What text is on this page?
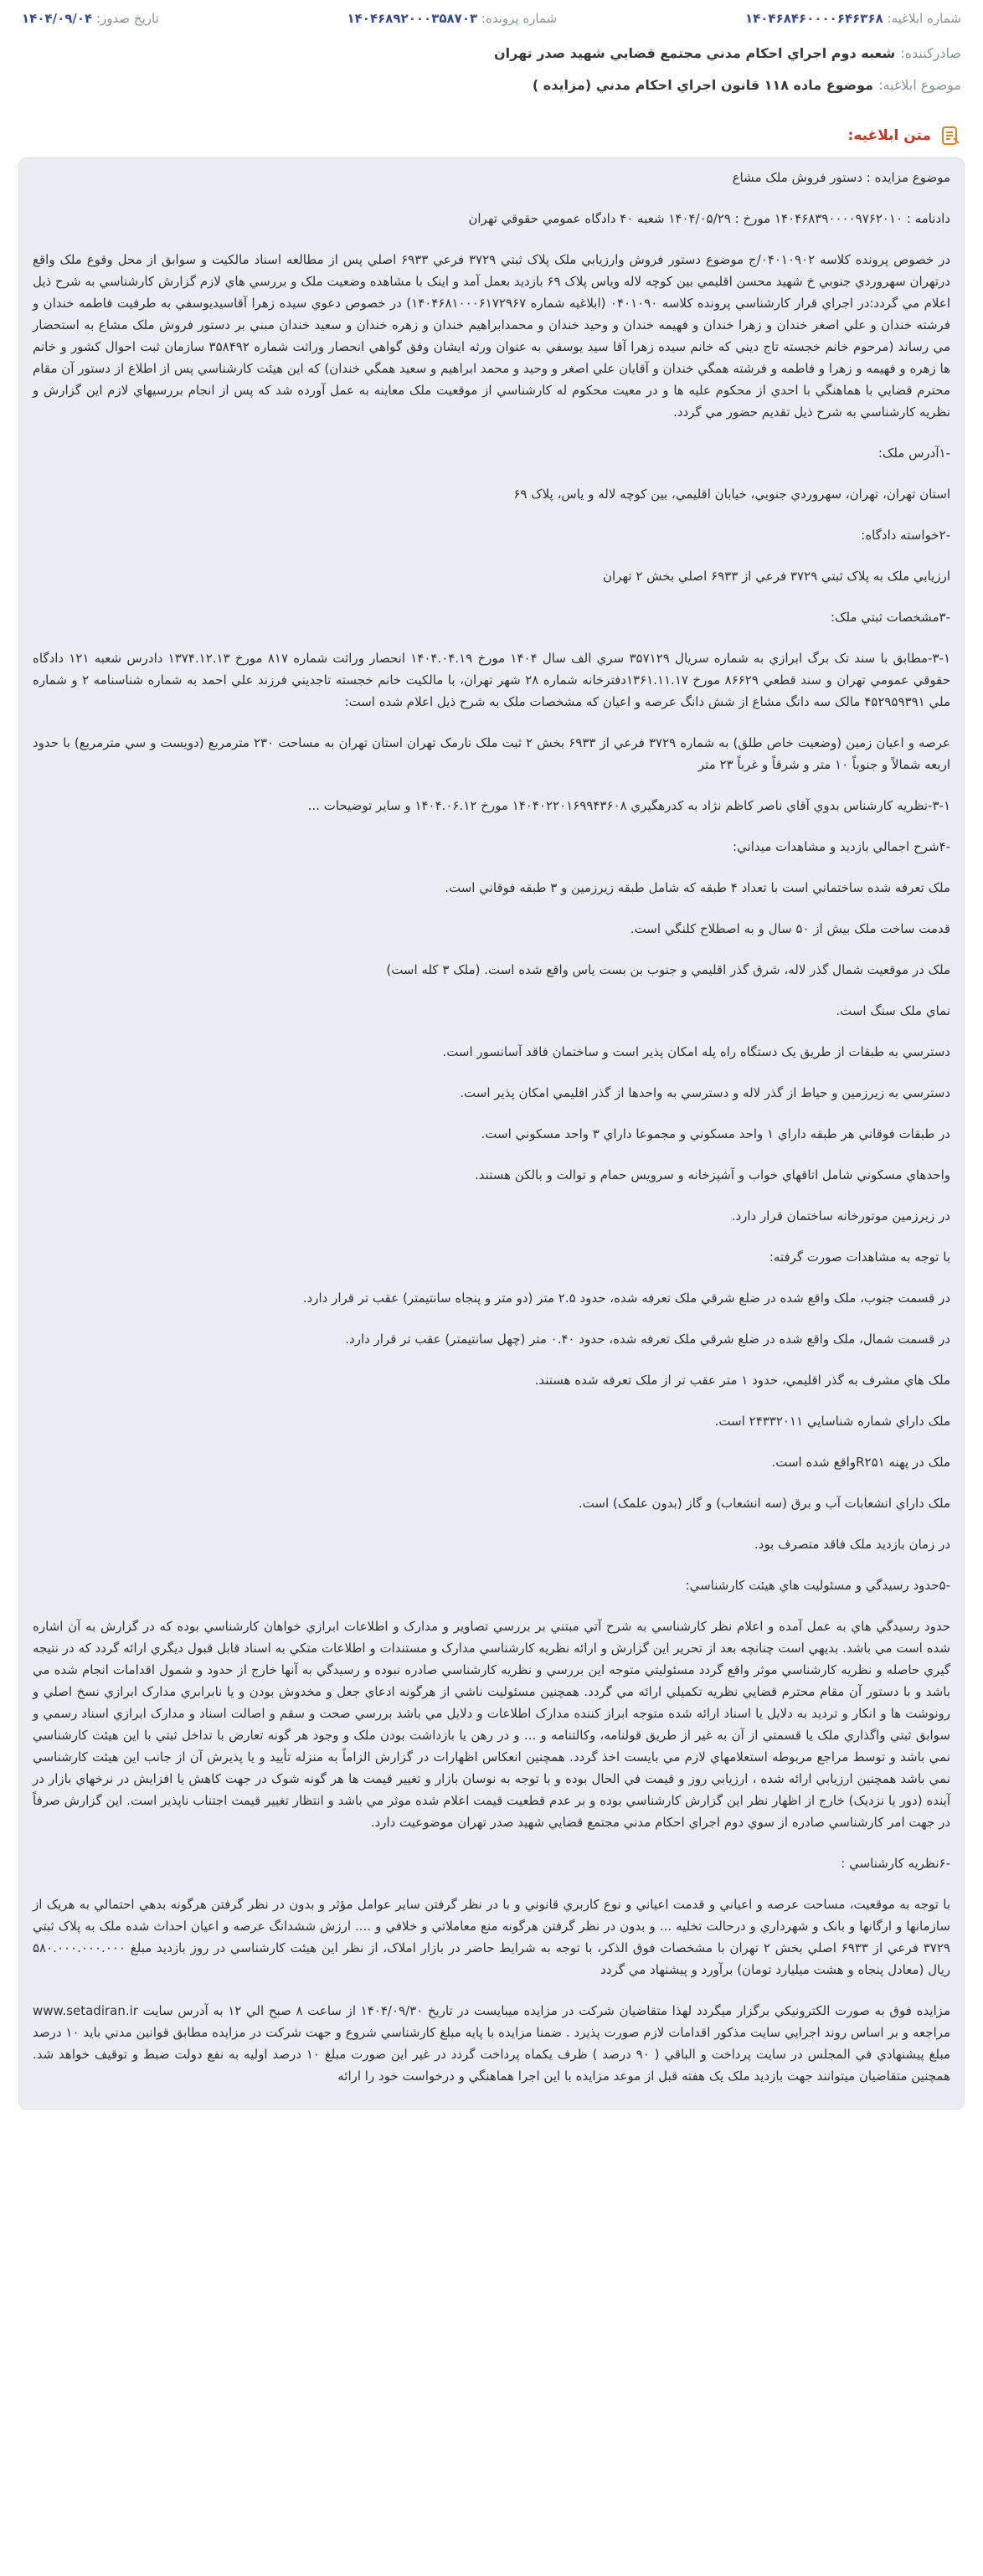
شماره ابلاغیه: ۱۴۰۴۶۸۴۶۰۰۰۰۶۴۶۳۶۸
شماره پرونده: ۱۴۰۴۶۸۹۲۰۰۰۳۵۸۷۰۳
تاریخ صدور: ۱۴۰۴/۰۹/۰۴
صادرکننده:
شعبه دوم اجراي احکام مدني مجتمع قضايي شهيد صدر تهران
موضوع ابلاغیه:
موضوع ماده ۱۱۸ قانون اجراي احکام مدني (مزايده )
متن ابلاغیه:

موضوع مزايده : دستور فروش ملک مشاع

دادنامه : ۱۴۰۴۶۸۳۹۰۰۰۰۹۷۶۲۰۱۰ مورخ : ۱۴۰۴/۰۵/۲۹ شعبه ۴۰ دادگاه عمومي حقوقي تهران

در خصوص پرونده کلاسه ۰۴۰۱۰۹۰۲/ج موضوع دستور فروش وارزيابي ملک پلاک ثبتي ۳۷۲۹ فرعي ۶۹۳۳ اصلي پس از مطالعه اسناد مالکيت و سوابق از محل وقوع ملک واقع درتهران سهروردي جنوبي خ شهيد محسن اقليمي بين کوچه لاله وياس پلاک ۶۹ بازديد بعمل آمد و اينک با مشاهده وضعيت ملک و بررسي هاي لازم گزارش کارشناسي به شرح ذيل اعلام مي گردد:در اجراي قرار کارشناسي پرونده کلاسه ۰۴۰۱۰۹۰ (ابلاغيه شماره ۱۴۰۴۶۸۱۰۰۰۶۱۷۲۹۶۷) در خصوص دعوي سيده زهرا آقاسيديوسفي به طرفيت فاطمه خندان و فرشته خندان و علي اصغر خندان و زهرا خندان و فهيمه خندان و وحيد خندان و محمدابراهيم خندان و زهره خندان و سعيد خندان مبني بر دستور فروش ملک مشاع به استحضار مي رساند (مرحوم خانم خجسته تاج ديني که خانم سيده زهرا آقا سيد يوسفي به عنوان ورثه ايشان وفق گواهي انحصار وراثت شماره ۳۵۸۴۹۲ سازمان ثبت احوال کشور و خانم ها زهره و فهيمه و زهرا و فاطمه و فرشته همگي خندان و آقايان علي اصغر و وحيد و محمد ابراهيم و سعيد همگي خندان) که اين هيئت کارشناسي پس از اطلاع از دستور آن مقام محترم قضايي با هماهنگي با احدي از محکوم عليه ها و در معيت محکوم له کارشناسي از موقعيت ملک معاينه به عمل آورده شد که پس از انجام بررسيهاي لازم اين گزارش و نظريه کارشناسي به شرح ذيل تقديم حضور مي گردد.

-۱آدرس ملک:

استان تهران، تهران، سهروردي جنوبي، خيابان اقليمي، بين کوچه لاله و ياس، پلاک ۶۹

-۲خواسته دادگاه:

ارزيابي ملک به پلاک ثبتي ۳۷۲۹ فرعي از ۶۹۳۳ اصلي بخش ۲ تهران

-۳مشخصات ثبتي ملک:

۳-۱-مطابق با سند تک برگ ابرازي به شماره سريال ۳۵۷۱۲۹ سري الف سال ۱۴۰۴ مورخ ۱۴۰۴.۰۴.۱۹ انحصار وراثت شماره ۸۱۷ مورخ ۱۳۷۴.۱۲.۱۳ دادرس شعبه ۱۲۱ دادگاه حقوقي عمومي تهران و سند قطعي ۸۶۶۲۹ مورخ ۱۳۶۱.۱۱.۱۷دفترخانه شماره ۲۸ شهر تهران، با مالکيت خانم خجسته تاجديني فرزند علي احمد به شماره شناسنامه ۲ و شماره ملي ۴۵۲۹۵۹۳۹۱ مالک سه دانگ مشاع از شش دانگ عرصه و اعيان که مشخصات ملک به شرح ذيل اعلام شده است:

عرصه و اعيان زمين (وضعيت خاص طلق) به شماره ۳۷۲۹ فرعي از ۶۹۳۳ بخش ۲ ثبت ملک نارمک تهران استان تهران به مساحت ۲۳۰ مترمربع (دويست و سي مترمربع) با حدود اربعه شمالاً و جنوباً ۱۰ متر و شرقاً و غرباً ۲۳ متر

۳-۱-نظريه کارشناس بدوي آقاي ناصر کاظم نژاد به کدرهگيري ۱۴۰۴۰۲۲۰۱۶۹۹۴۳۶۰۸ مورخ ۱۴۰۴.۰۶.۱۲ و ساير توضيحات ...

-۴شرح اجمالي بازديد و مشاهدات ميداني:

ملک تعرفه شده ساختماني است با تعداد ۴ طبقه که شامل طبقه زيرزمين و ۳ طبقه فوقاني است.

قدمت ساخت ملک بيش از ۵۰ سال و به اصطلاح کلنگي است.

ملک در موقعيت شمال گذر لاله، شرق گذر اقليمي و جنوب بن بست ياس واقع شده است. (ملک ۳ کله است)

نماي ملک سنگ است.

دسترسي به طبقات از طريق يک دستگاه راه پله امکان پذير است و ساختمان فاقد آسانسور است.

دسترسي به زيرزمين و حياط از گذر لاله و دسترسي به واحدها از گذر اقليمي امکان پذير است.

در طبقات فوقاني هر طبقه داراي ۱ واحد مسکوني و مجموعا داراي ۳ واحد مسکوني است.

واحدهاي مسکوني شامل اتاقهاي خواب و آشپزخانه و سرويس حمام و توالت و بالکن هستند.

در زيرزمين موتورخانه ساختمان قرار دارد.

با توجه به مشاهدات صورت گرفته:

در قسمت جنوب، ملک واقع شده در ضلع شرقي ملک تعرفه شده، حدود ۲.۵ متر (دو متر و پنجاه سانتيمتر) عقب تر قرار دارد.

در قسمت شمال، ملک واقع شده در ضلع شرقي ملک تعرفه شده، حدود ۰.۴۰ متر (چهل سانتيمتر) عقب تر قرار دارد.

ملک هاي مشرف به گذر اقليمي، حدود ۱ متر عقب تر از ملک تعرفه شده هستند.

ملک داراي شماره شناسايي ۲۴۳۳۲۰۱۱ است.

ملک در پهنه R۲۵۱واقع شده است.

ملک داراي انشعابات آب و برق (سه انشعاب) و گاز (بدون علمک) است.

در زمان بازديد ملک فاقد متصرف بود.

-۵حدود رسيدگي و مسئوليت هاي هيئت کارشناسي:

حدود رسيدگي هاي به عمل آمده و اعلام نظر کارشناسي به شرح آتي مبتني بر بررسي تصاوير و مدارک و اطلاعات ابرازي خواهان کارشناسي بوده که در گزارش به آن اشاره شده است مي باشد. بديهي است چنانچه بعد از تحرير اين گزارش و ارائه نظريه کارشناسي مدارک و مستندات و اطلاعات متکي به اسناد قابل قبول ديگري ارائه گردد که در نتيجه گيري حاصله و نظريه کارشناسي موثر واقع گردد مسئوليتي متوجه اين بررسي و نظريه کارشناسي صادره نبوده و رسيدگي به آنها خارج از حدود و شمول اقدامات انجام شده مي باشد و با دستور آن مقام محترم قضايي نظريه تکميلي ارائه مي گردد. همچنين مسئوليت ناشي از هرگونه ادعاي جعل و مخدوش بودن و يا نابرابري مدارک ابرازي نسخ اصلي و رونوشت ها و انکار و ترديد به دلايل يا اسناد ارائه شده متوجه ابراز کننده مدارک اطلاعات و دلايل مي باشد بررسي صحت و سقم و اصالت اسناد و مدارک ابرازي اسناد رسمي و سوابق ثبتي واگذاري ملک يا قسمتي از آن به غير از طريق قولنامه، وکالتنامه و ... و در رهن يا بازداشت بودن ملک و وجود هر گونه تعارض با تداخل ثبتي با اين هيئت کارشناسي نمي باشد و توسط مراجع مربوطه استعلامهاي لازم مي بايست اخذ گردد. همچنين انعکاس اظهارات در گزارش الزاماً به منزله تأييد و يا پذيرش آن از جانب اين هيئت کارشناسي نمي باشد همچنين ارزيابي ارائه شده ، ارزيابي روز و قيمت في الحال بوده و با توجه به نوسان بازار و تغيير قيمت ها هر گونه شوک در جهت کاهش يا افزايش در نرخهاي بازار در آينده (دور يا نزديک) خارج از اظهار نظر اين گزارش کارشناسي بوده و بر عدم قطعيت قيمت اعلام شده موثر مي باشد و انتظار تغيير قيمت اجتناب ناپذير است. اين گزارش صرفاً در جهت امر کارشناسي صادره از سوي دوم اجراي احکام مدني مجتمع قضايي شهيد صدر تهران موضوعيت دارد.

-۶نظريه کارشناسي :

با توجه به موقعيت، مساحت عرصه و اعياني و قدمت اعياني و نوع کاربري قانوني و با در نظر گرفتن ساير عوامل مؤثر و بدون در نظر گرفتن هرگونه بدهي احتمالي به هريک از سازمانها و ارگانها و بانک و شهرداري و درحالت تخليه ... و بدون در نظر گرفتن هرگونه منع معاملاتي و خلافي و .... ارزش ششدانگ عرصه و اعيان احداث شده ملک به پلاک ثبتي ۳۷۲۹ فرعي از ۶۹۳۳ اصلي بخش ۲ تهران با مشخصات فوق الذکر، با توجه به شرايط حاضر در بازار املاک، از نظر اين هيئت کارشناسي در روز بازديد مبلغ ۵۸۰.۰۰۰.۰۰۰.۰۰۰ ريال (معادل پنجاه و هشت ميليارد تومان) برآورد و پيشنهاد مي گردد

مزايده فوق به صورت الکترونيکي برگزار ميگردد لهذا متقاضيان شرکت در مزايده ميبايست در تاريخ ۱۴۰۴/۰۹/۳۰ از ساعت ۸ صبح الي ۱۲ به آدرس سايت www.setadiran.ir مراجعه و بر اساس روند اجرايي سايت مذکور اقدامات لازم صورت پذيرد . ضمنا مزايده با پايه مبلغ کارشناسي شروع و جهت شرکت در مزايده مطابق قوانين مدني بايد ۱۰ درصد مبلغ پيشنهادي في المجلس در سايت پرداخت و الباقي ( ۹۰ درصد ) ظرف يکماه پرداخت گردد در غير اين صورت مبلغ ۱۰ درصد اوليه به نفع دولت ضبط و توقيف خواهد شد. همچنين متقاضيان ميتوانند جهت بازديد ملک يک هفته قبل از موعد مزايده با اين اجرا هماهنگي و درخواست خود را ارائه
